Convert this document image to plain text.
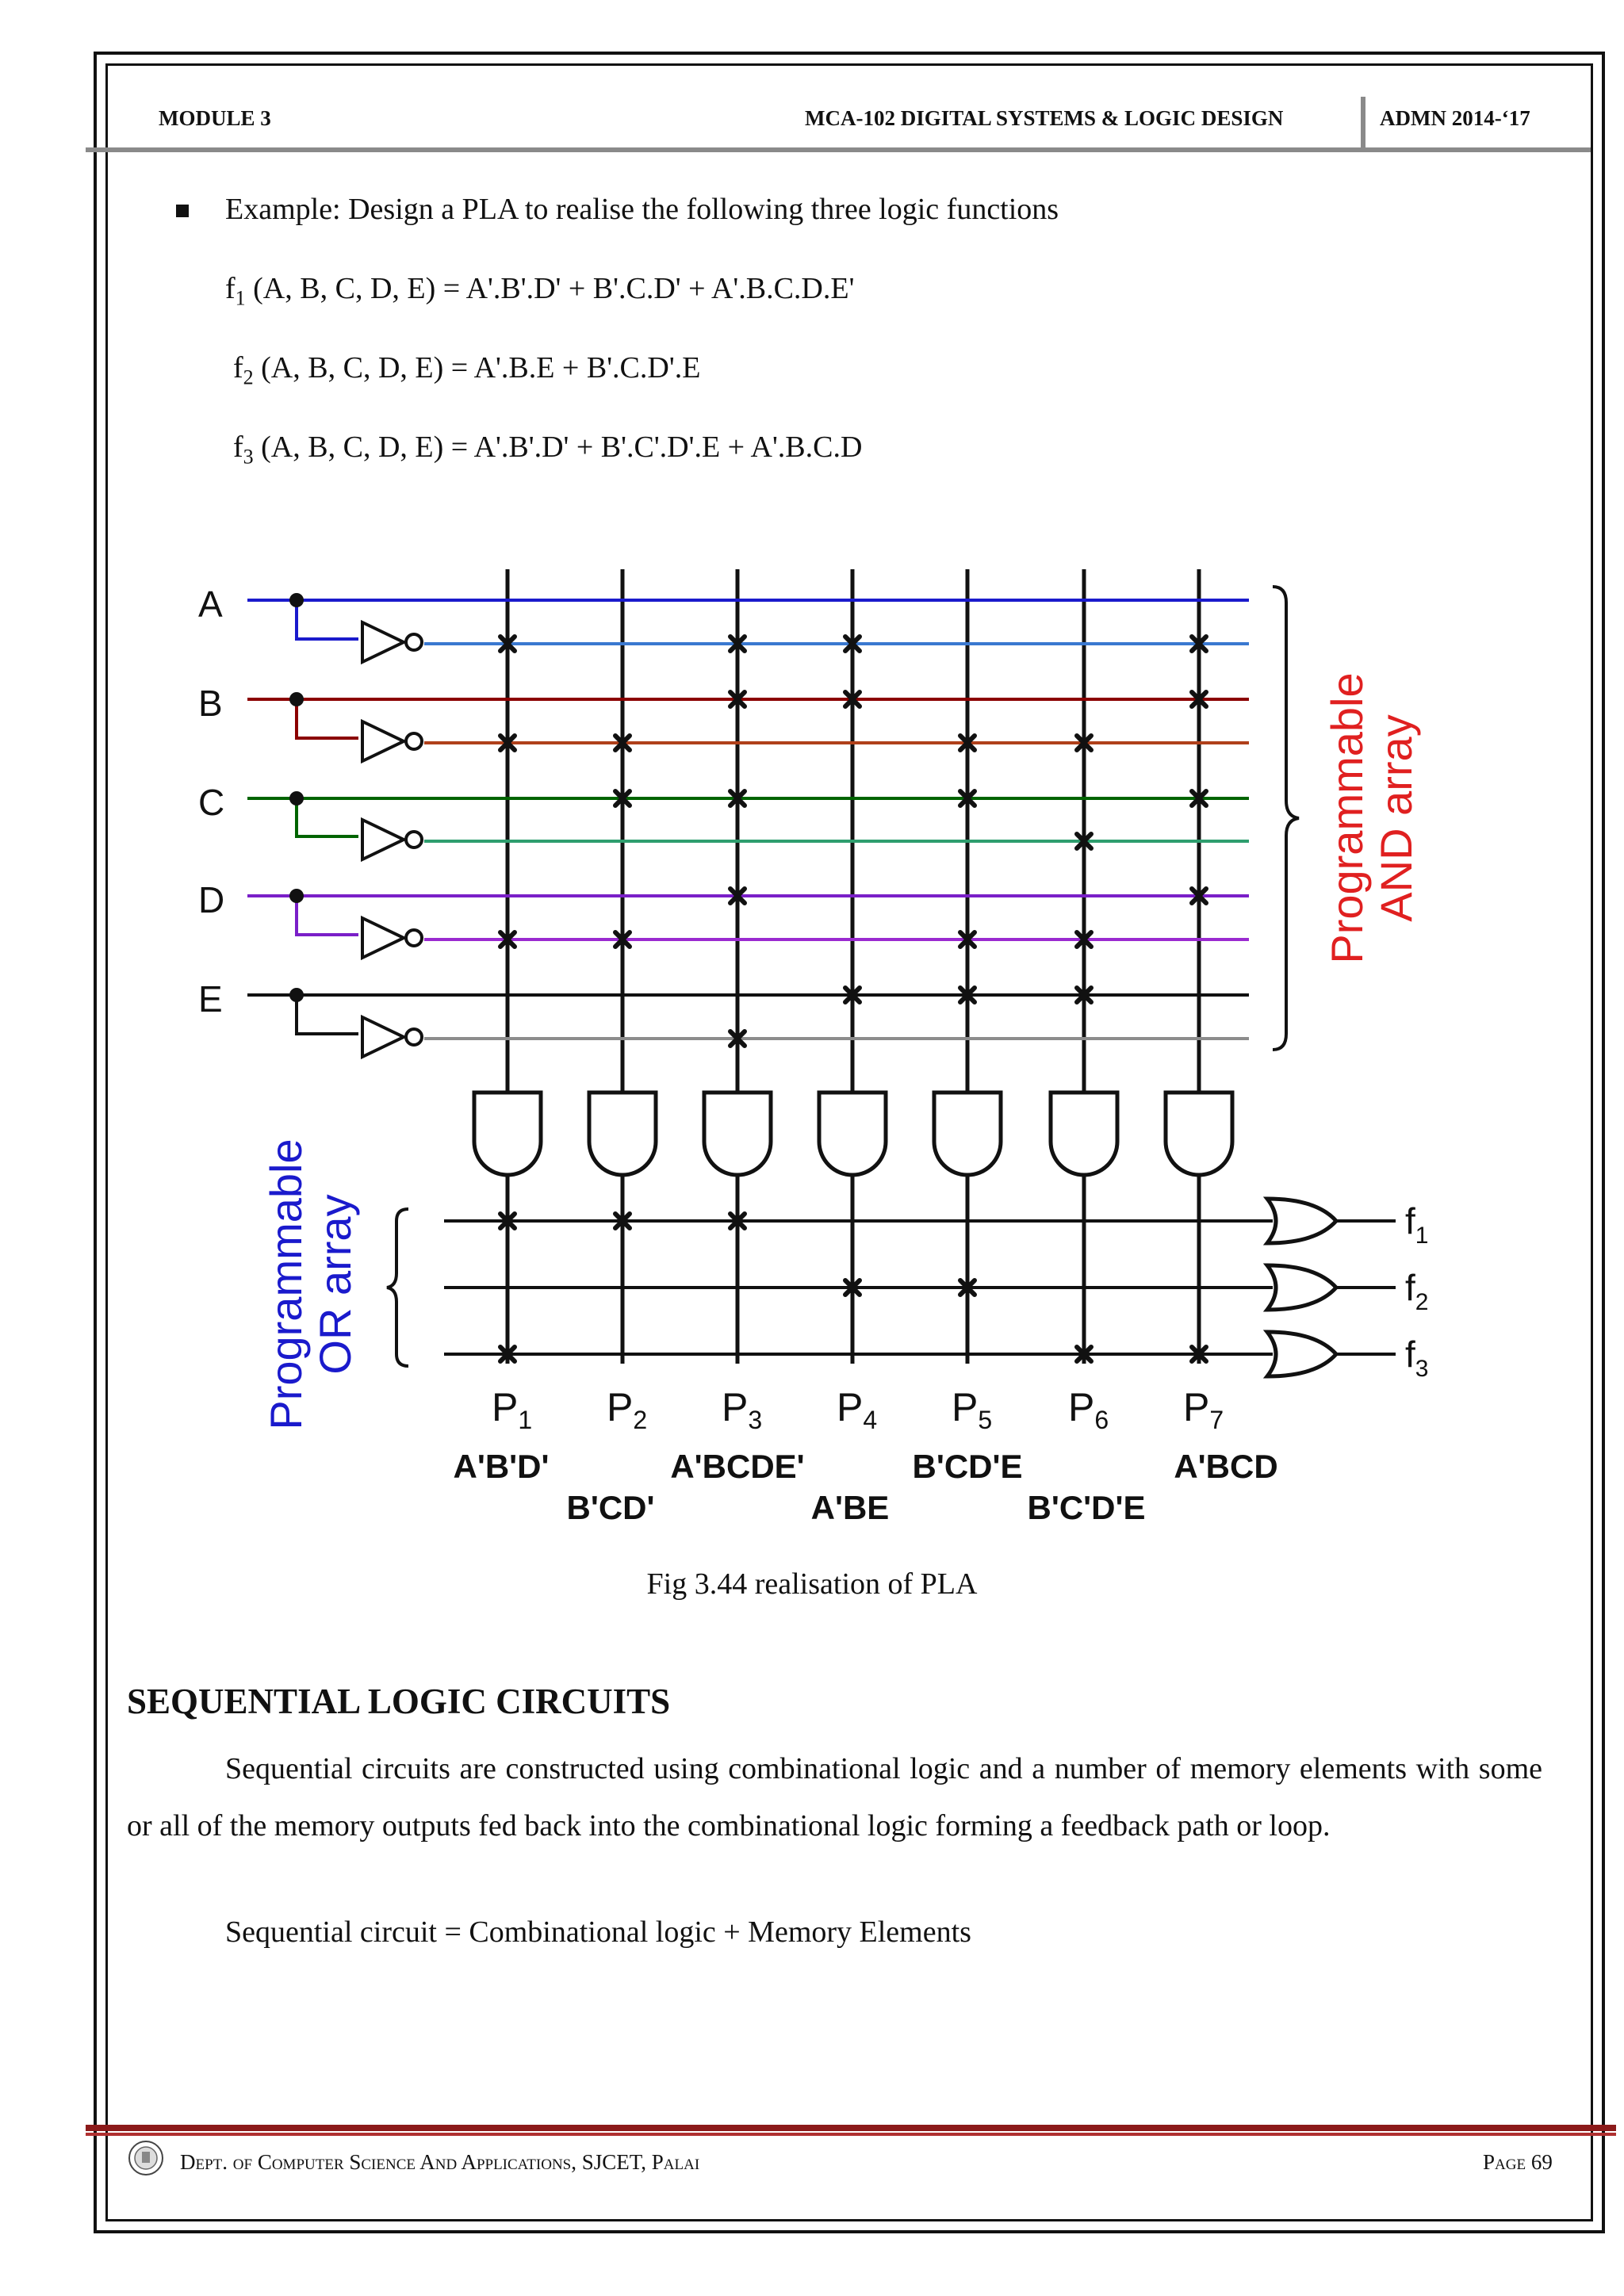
MODULE 3	MCA-102 DIGITAL SYSTEMS & LOGIC DESIGN	ADMN 2014-‘17
Example: Design a PLA to realise the following three logic functions
$f_1$ (A, B, C, D, E) = A'.B'.D' + B'.C.D' + A'.B.C.D.E'
$f_2$ (A, B, C, D, E) = A'.B.E + B'.C.D'.E
$f_3$ (A, B, C, D, E) = A'.B'.D' + B'.C'.D'.E + A'.B.C.D
A
B
C
D
E
$f_1$
$f_2$
$f_3$
Programmable AND array
Programmable OR array
$P_1$ $P_2$ $P_3$ $P_4$ $P_5$ $P_6$ $P_7$
A'B'D'
B'CD'
A'BCDE'
A'BE
B'CD'E
B'C'D'E
A'BCD
Fig 3.44 realisation of PLA
SEQUENTIAL LOGIC CIRCUITS
Sequential circuits are constructed using combinational logic and a number of memory elements with some or all of the memory outputs fed back into the combinational logic forming a feedback path or loop.
Sequential circuit = Combinational logic + Memory Elements
Dept. of Computer Science And Applications, SJCET, Palai	Page 69
